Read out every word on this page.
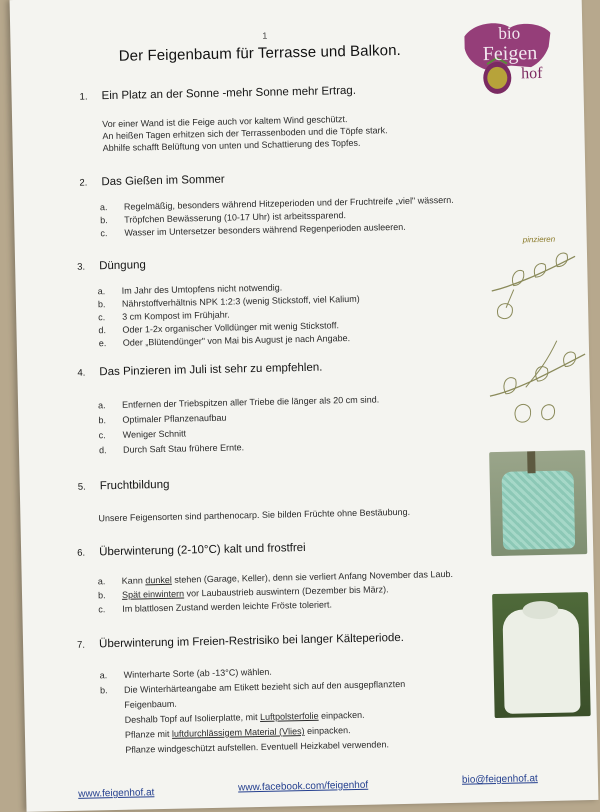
1
Der Feigenbaum für Terrasse und Balkon.
bio
Feigen
hof
1. Ein Platz an der Sonne -mehr Sonne mehr Ertrag.
Vor einer Wand ist die Feige auch vor kaltem Wind geschützt.
An heißen Tagen erhitzen sich der Terrassenboden und die Töpfe stark.
Abhilfe schafft Belüftung von unten und Schattierung des Topfes.
2. Das Gießen im Sommer
a. Regelmäßig, besonders während Hitzeperioden und der Fruchtreife „viel" wässern.
b. Tröpfchen Bewässerung (10-17 Uhr) ist arbeitssparend.
c. Wasser im Untersetzer besonders während Regenperioden ausleeren.
3. Düngung
a. Im Jahr des Umtopfens nicht notwendig.
b. Nährstoffverhältnis NPK 1:2:3 (wenig Stickstoff, viel Kalium)
c. 3 cm Kompost im Frühjahr.
d. Oder 1-2x organischer Volldünger mit wenig Stickstoff.
e. Oder „Blütendünger" von Mai bis August je nach Angabe.
pinzieren
4. Das Pinzieren im Juli ist sehr zu empfehlen.
a. Entfernen der Triebspitzen aller Triebe die länger als 20 cm sind.
b. Optimaler Pflanzenaufbau
c. Weniger Schnitt
d. Durch Saft Stau frühere Ernte.
5. Fruchtbildung
Unsere Feigensorten sind parthenocarp. Sie bilden Früchte ohne Bestäubung.
6. Überwinterung (2-10°C) kalt und frostfrei
a. Kann dunkel stehen (Garage, Keller), denn sie verliert Anfang November das Laub.
b. Spät einwintern vor Laubaustrieb auswintern (Dezember bis März).
c. Im blattlosen Zustand werden leichte Fröste toleriert.
7. Überwinterung im Freien-Restrisiko bei langer Kälteperiode.
a. Winterharte Sorte (ab -13°C) wählen.
b. Die Winterhärteangabe am Etikett bezieht sich auf den ausgepflanzten
Feigenbaum.
Deshalb Topf auf Isolierplatte, mit Luftpolsterfolie einpacken.
Pflanze mit luftdurchlässigem Material (Vlies) einpacken.
Pflanze windgeschützt aufstellen. Eventuell Heizkabel verwenden.
www.feigenhof.at
www.facebook.com/feigenhof
bio@feigenhof.at
